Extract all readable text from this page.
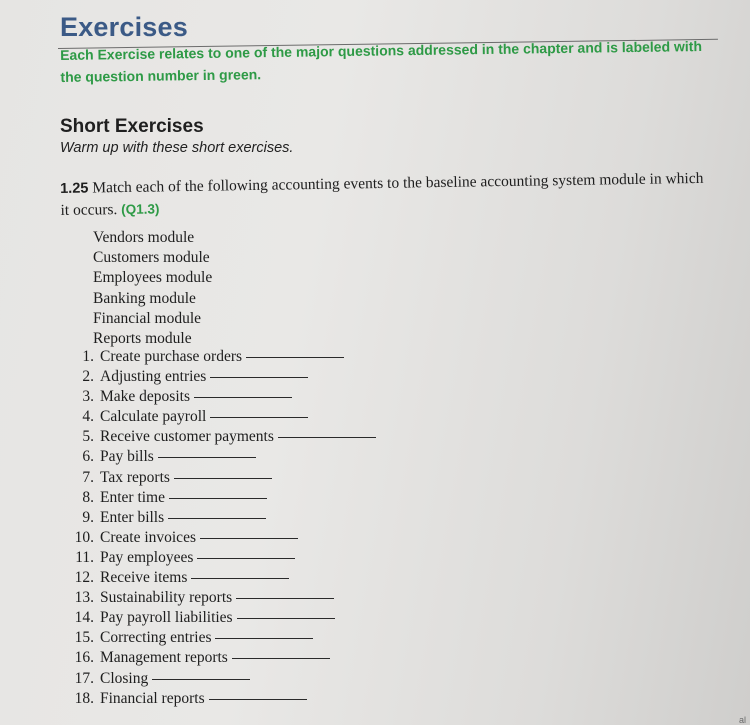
Exercises
Each Exercise relates to one of the major questions addressed in the chapter and is labeled with the question number in green.
Short Exercises
Warm up with these short exercises.
1.25 Match each of the following accounting events to the baseline accounting system module in which it occurs. (Q1.3)
Vendors module
Customers module
Employees module
Banking module
Financial module
Reports module
1. Create purchase orders
2. Adjusting entries
3. Make deposits
4. Calculate payroll
5. Receive customer payments
6. Pay bills
7. Tax reports
8. Enter time
9. Enter bills
10. Create invoices
11. Pay employees
12. Receive items
13. Sustainability reports
14. Pay payroll liabilities
15. Correcting entries
16. Management reports
17. Closing
18. Financial reports
al
